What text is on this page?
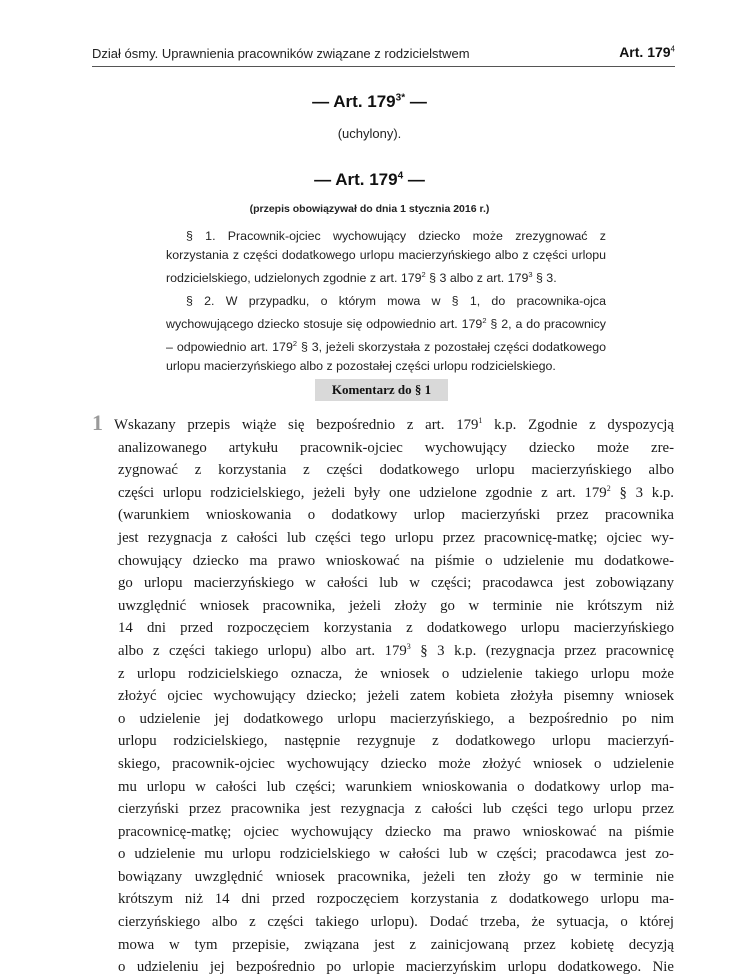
Dział ósmy. Uprawnienia pracowników związane z rodzicielstwem	Art. $179^4$
— Art. $179^{3*}$ —
(uchylony).
— Art. $179^4$ —
(przepis obowiązywał do dnia 1 stycznia 2016 r.)

§ 1. Pracownik-ojciec wychowujący dziecko może zrezygnować z korzystania z części dodatkowego urlopu macierzyńskiego albo z części urlopu rodzicielskiego, udzielonych zgodnie z art. $179^2$ § 3 albo z art. $179^3$ § 3.

§ 2. W przypadku, o którym mowa w § 1, do pracownika-ojca wychowującego dziecko stosuje się odpowiednio art. $179^2$ § 2, a do pracownicy – odpowiednio art. $179^2$ § 3, jeżeli skorzystała z pozostałej części dodatkowego urlopu macierzyńskiego albo z pozostałej części urlopu rodzicielskiego.

Komentarz do § 1
1 Wskazany przepis wiąże się bezpośrednio z art. $179^1$ k.p. Zgodnie z dyspozycją
analizowanego artykułu pracownik-ojciec wychowujący dziecko może zre-
zygnować z korzystania z części dodatkowego urlopu macierzyńskiego albo
części urlopu rodzicielskiego, jeżeli były one udzielone zgodnie z art. $179^2$ § 3 k.p.
(warunkiem wnioskowania o dodatkowy urlop macierzyński przez pracownika
jest rezygnacja z całości lub części tego urlopu przez pracownicę-matkę; ojciec wy-
chowujący dziecko ma prawo wnioskować na piśmie o udzielenie mu dodatkowe-
go urlopu macierzyńskiego w całości lub w części; pracodawca jest zobowiązany
uwzględnić wniosek pracownika, jeżeli złoży go w terminie nie krótszym niż
14 dni przed rozpoczęciem korzystania z dodatkowego urlopu macierzyńskiego
albo z części takiego urlopu) albo art. $179^3$ § 3 k.p. (rezygnacja przez pracownicę
z urlopu rodzicielskiego oznacza, że wniosek o udzielenie takiego urlopu może
złożyć ojciec wychowujący dziecko; jeżeli zatem kobieta złożyła pisemny wniosek
o udzielenie jej dodatkowego urlopu macierzyńskiego, a bezpośrednio po nim
urlopu rodzicielskiego, następnie rezygnuje z dodatkowego urlopu macierzyń-
skiego, pracownik-ojciec wychowujący dziecko może złożyć wniosek o udzielenie
mu urlopu w całości lub części; warunkiem wnioskowania o dodatkowy urlop ma-
cierzyński przez pracownika jest rezygnacja z całości lub części tego urlopu przez
pracownicę-matkę; ojciec wychowujący dziecko ma prawo wnioskować na piśmie
o udzielenie mu urlopu rodzicielskiego w całości lub w części; pracodawca jest zo-
bowiązany uwzględnić wniosek pracownika, jeżeli ten złoży go w terminie nie
krótszym niż 14 dni przed rozpoczęciem korzystania z dodatkowego urlopu ma-
cierzyńskiego albo z części takiego urlopu). Dodać trzeba, że sytuacja, o której
mowa w tym przepisie, związana jest z zainicjowaną przez kobietę decyzją
o udzieleniu jej bezpośrednio po urlopie macierzyńskim urlopu dodatkowego. Nie
